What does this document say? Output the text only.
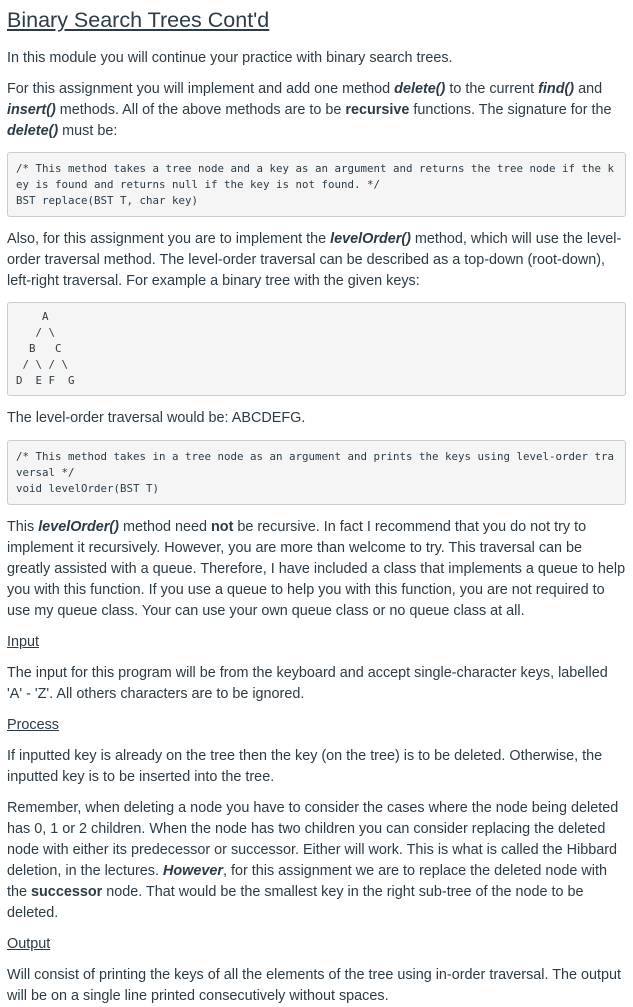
Binary Search Trees Cont'd

In this module you will continue your practice with binary search trees.

For this assignment you will implement and add one method delete() to the current find() and insert() methods. All of the above methods are to be recursive functions. The signature for the delete() must be:

/* This method takes a tree node and a key as an argument and returns the tree node if the key is found and returns null if the key is not found. */
BST replace(BST T, char key)

Also, for this assignment you are to implement the levelOrder() method, which will use the level-order traversal method. The level-order traversal can be described as a top-down (root-down), left-right traversal. For example a binary tree with the given keys:

A
/ \
B   C
/ \ / \
D  E F  G

The level-order traversal would be: ABCDEFG.

/* This method takes in a tree node as an argument and prints the keys using level-order traversal */
void levelOrder(BST T)

This levelOrder() method need not be recursive. In fact I recommend that you do not try to implement it recursively. However, you are more than welcome to try. This traversal can be greatly assisted with a queue. Therefore, I have included a class that implements a queue to help you with this function. If you use a queue to help you with this function, you are not required to use my queue class. Your can use your own queue class or no queue class at all.

Input

The input for this program will be from the keyboard and accept single-character keys, labelled 'A' - 'Z'. All others characters are to be ignored.

Process

If inputted key is already on the tree then the key (on the tree) is to be deleted. Otherwise, the inputted key is to be inserted into the tree.

Remember, when deleting a node you have to consider the cases where the node being deleted has 0, 1 or 2 children. When the node has two children you can consider replacing the deleted node with either its predecessor or successor. Either will work. This is what is called the Hibbard deletion, in the lectures. However, for this assignment we are to replace the deleted node with the successor node. That would be the smallest key in the right sub-tree of the node to be deleted.

Output

Will consist of printing the keys of all the elements of the tree using in-order traversal. The output will be on a single line printed consecutively without spaces.
